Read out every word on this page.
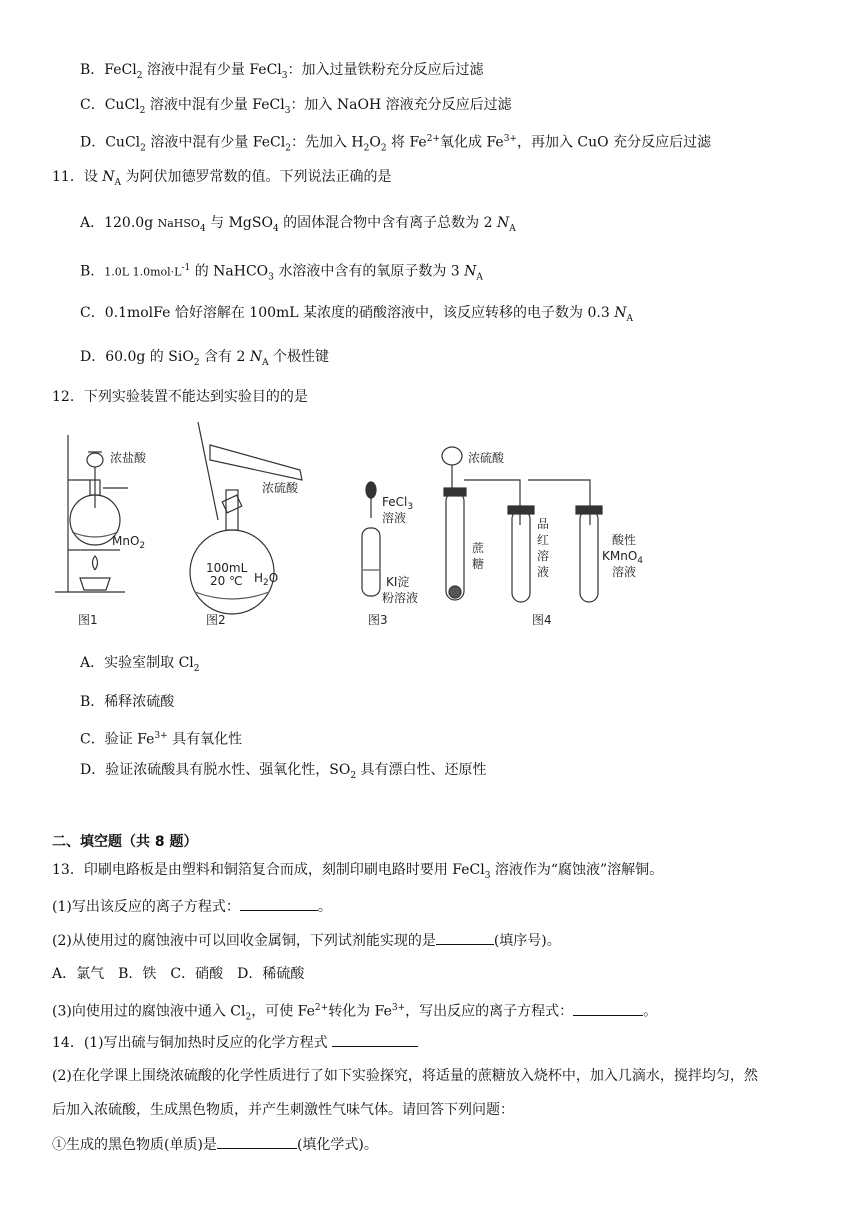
B．FeCl$_2$ 溶液中混有少量 FeCl$_3$：加入过量铁粉充分反应后过滤
C．CuCl$_2$ 溶液中混有少量 FeCl$_3$：加入 NaOH 溶液充分反应后过滤
D．CuCl$_2$ 溶液中混有少量 FeCl$_2$：先加入 $H_2O_2$ 将 $Fe^{2+}$氧化成 $Fe^{3+}$，再加入 CuO 充分反应后过滤
11．设 $N_A$ 为阿伏加德罗常数的值。下列说法正确的是
A．120.0g NaHSO$_4$ 与 MgSO$_4$ 的固体混合物中含有离子总数为 2 $N_A$
B．1.0L $1.0mol\cdot L^{-1}$ 的 NaHCO$_3$ 水溶液中含有的氧原子数为 3 $N_A$
C．0.1molFe 恰好溶解在 100mL 某浓度的硝酸溶液中，该反应转移的电子数为 0.3 $N_A$
D．60.0g 的 SiO$_2$ 含有 2 $N_A$ 个极性键
12．下列实验装置不能达到实验目的的是
浓盐酸
MnO$_2$
图1
浓硫酸
100mL
20 ℃ $H_2O$
图2
FeCl$_3$
溶液
KI淀
粉溶液
图3
浓硫酸
蔗
糖
品
红
溶
液
酸性
KMnO$_4$
溶液
图4
A．实验室制取 $Cl_2$
B．稀释浓硫酸
C．验证 $Fe^{3+}$ 具有氧化性
D．验证浓硫酸具有脱水性、强氧化性，$SO_2$ 具有漂白性、还原性
二、填空题（共 8 题）
13．印刷电路板是由塑料和铜箔复合而成，刻制印刷电路时要用 FeCl$_3$ 溶液作为“腐蚀液”溶解铜。
(1)写出该反应的离子方程式：	。
(2)从使用过的腐蚀液中可以回收金属铜，下列试剂能实现的是	(填序号)。
A．氯气　B．铁　C．硝酸　D．稀硫酸
(3)向使用过的腐蚀液中通入 $Cl_2$，可使 $Fe^{2+}$转化为 $Fe^{3+}$，写出反应的离子方程式：	。
14．(1)写出硫与铜加热时反应的化学方程式
(2)在化学课上围绕浓硫酸的化学性质进行了如下实验探究，将适量的蔗糖放入烧杯中，加入几滴水，搅拌均匀，然
后加入浓硫酸，生成黑色物质，并产生刺激性气味气体。请回答下列问题：
①生成的黑色物质(单质)是	(填化学式)。
